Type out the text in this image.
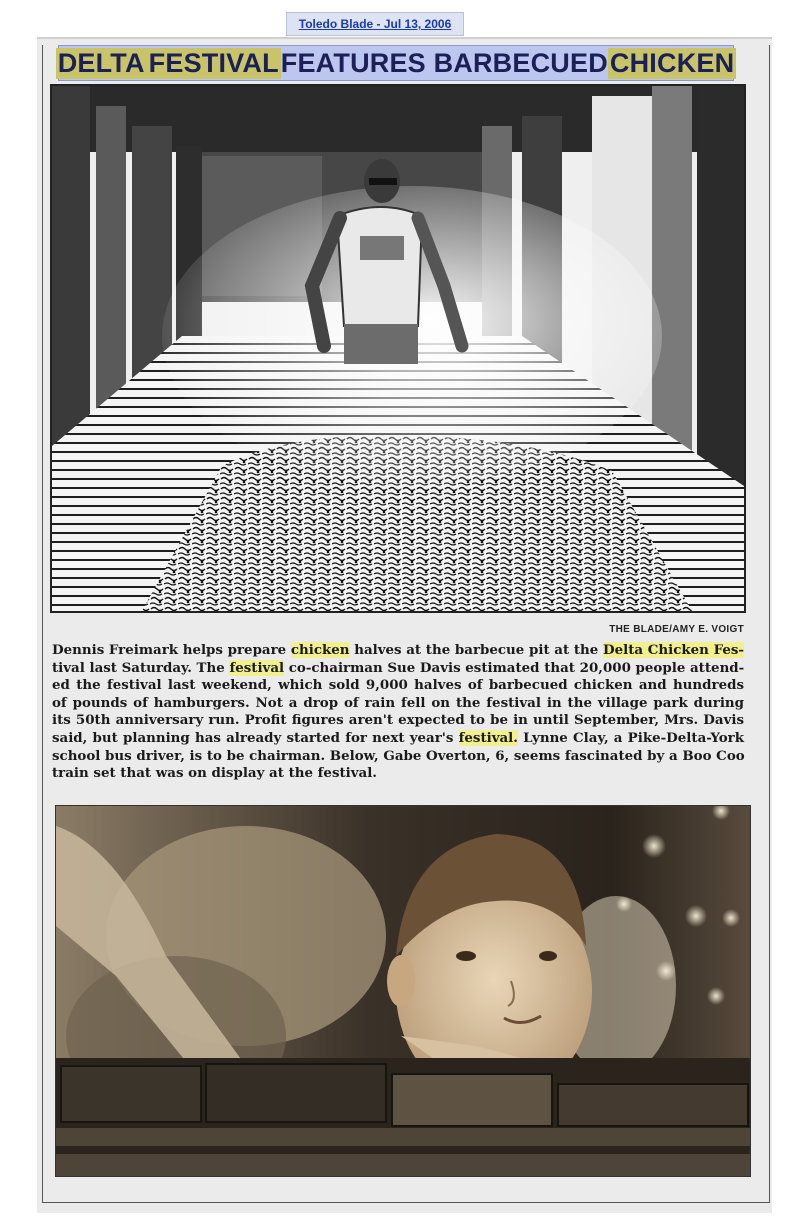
Toledo Blade - Jul 13, 2006
DELTA FESTIVAL FEATURES BARBECUED CHICKEN
THE BLADE/AMY E. VOIGT
Dennis Freimark helps prepare chicken halves at the barbecue pit at the Delta Chicken Fes-
tival last Saturday. The festival co-chairman Sue Davis estimated that 20,000 people attend-
ed the festival last weekend, which sold 9,000 halves of barbecued chicken and hundreds
of pounds of hamburgers. Not a drop of rain fell on the festival in the village park during
its 50th anniversary run. Profit figures aren't expected to be in until September, Mrs. Davis
said, but planning has already started for next year's festival. Lynne Clay, a Pike-Delta-York
school bus driver, is to be chairman. Below, Gabe Overton, 6, seems fascinated by a Boo Coo
train set that was on display at the festival.
